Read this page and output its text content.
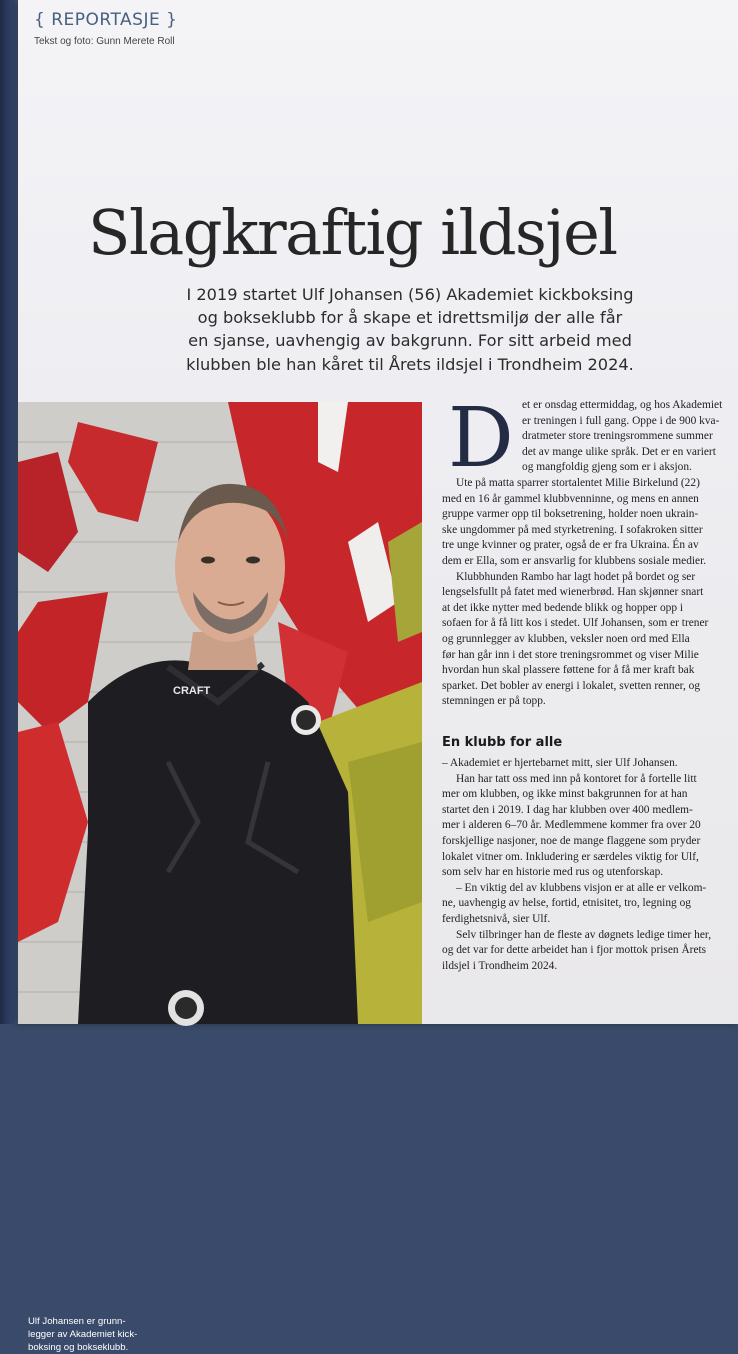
{ REPORTASJE }
Tekst og foto: Gunn Merete Roll
Slagkraftig ildsjel
I 2019 startet Ulf Johansen (56) Akademiet kickboksing
og bokseklubb for å skape et idrettsmiljø der alle får
en sjanse, uavhengig av bakgrunn. For sitt arbeid med
klubben ble han kåret til Årets ildsjel i Trondheim 2024.
CRAFT
Ulf Johansen er grunn-
legger av Akademiet kick-
boksing og bokseklubb.
D et er onsdag ettermiddag, og hos Akademiet
er treningen i full gang. Oppe i de 900 kva-
dratmeter store treningsrommene summer
det av mange ulike språk. Det er en variert
og mangfoldig gjeng som er i aksjon.

Ute på matta sparrer stortalentet Milie Birkelund (22)

med en 16 år gammel klubbvenninne, og mens en annen
gruppe varmer opp til boksetrening, holder noen ukrain-
ske ungdommer på med styrketrening. I sofakroken sitter
tre unge kvinner og prater, også de er fra Ukraina. Én av
dem er Ella, som er ansvarlig for klubbens sosiale medier.

Klubbhunden Rambo har lagt hodet på bordet og ser
lengselsfullt på fatet med wienerbrød. Han skjønner snart
at det ikke nytter med bedende blikk og hopper opp i
sofaen for å få litt kos i stedet. Ulf Johansen, som er trener
og grunnlegger av klubben, veksler noen ord med Ella
før han går inn i det store treningsrommet og viser Milie
hvordan hun skal plassere føttene for å få mer kraft bak
sparket. Det bobler av energi i lokalet, svetten renner, og
stemningen er på topp.

En klubb for alle

– Akademiet er hjertebarnet mitt, sier Ulf Johansen.

Han har tatt oss med inn på kontoret for å fortelle litt
mer om klubben, og ikke minst bakgrunnen for at han
startet den i 2019. I dag har klubben over 400 medlem-
mer i alderen 6–70 år. Medlemmene kommer fra over 20
forskjellige nasjoner, noe de mange flaggene som pryder
lokalet vitner om. Inkludering er særdeles viktig for Ulf,
som selv har en historie med rus og utenforskap.

– En viktig del av klubbens visjon er at alle er velkom-
ne, uavhengig av helse, fortid, etnisitet, tro, legning og
ferdighetsnivå, sier Ulf.

Selv tilbringer han de fleste av døgnets ledige timer her,
og det var for dette arbeidet han i fjor mottok prisen Årets
ildsjel i Trondheim 2024.
